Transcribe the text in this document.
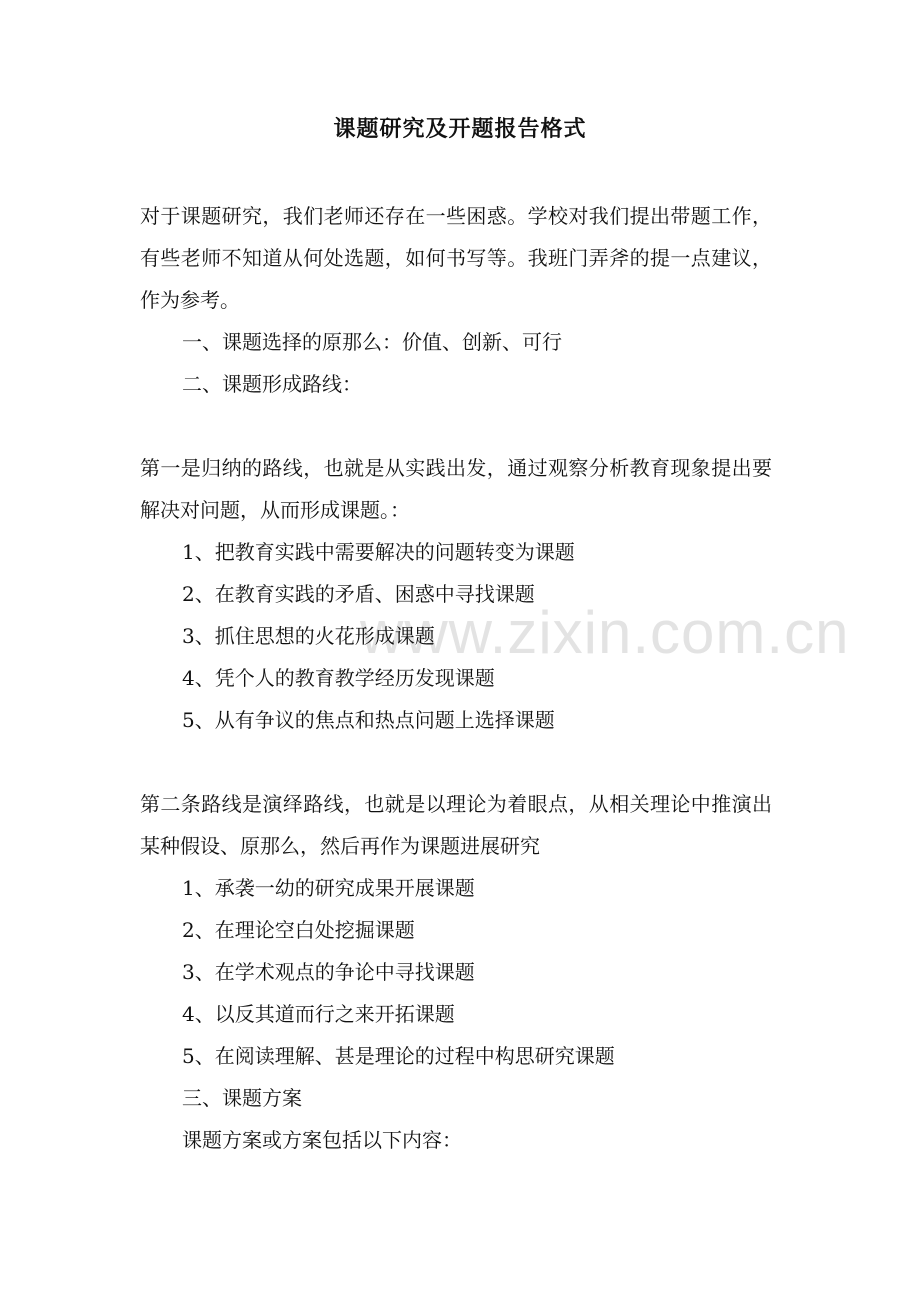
www.zixin.com.cn
课题研究及开题报告格式

对于课题研究，我们老师还存在一些困惑。学校对我们提出带题工作，有些老师不知道从何处选题，如何书写等。我班门弄斧的提一点建议，作为参考。

一、课题选择的原那么：价值、创新、可行

二、课题形成路线：

第一是归纳的路线，也就是从实践出发，通过观察分析教育现象提出要解决对问题，从而形成课题。：

1、把教育实践中需要解决的问题转变为课题

2、在教育实践的矛盾、困惑中寻找课题

3、抓住思想的火花形成课题

4、凭个人的教育教学经历发现课题

5、从有争议的焦点和热点问题上选择课题

第二条路线是演绎路线，也就是以理论为着眼点，从相关理论中推演出某种假设、原那么，然后再作为课题进展研究

1、承袭一幼的研究成果开展课题

2、在理论空白处挖掘课题

3、在学术观点的争论中寻找课题

4、以反其道而行之来开拓课题

5、在阅读理解、甚是理论的过程中构思研究课题

三、课题方案

课题方案或方案包括以下内容：
